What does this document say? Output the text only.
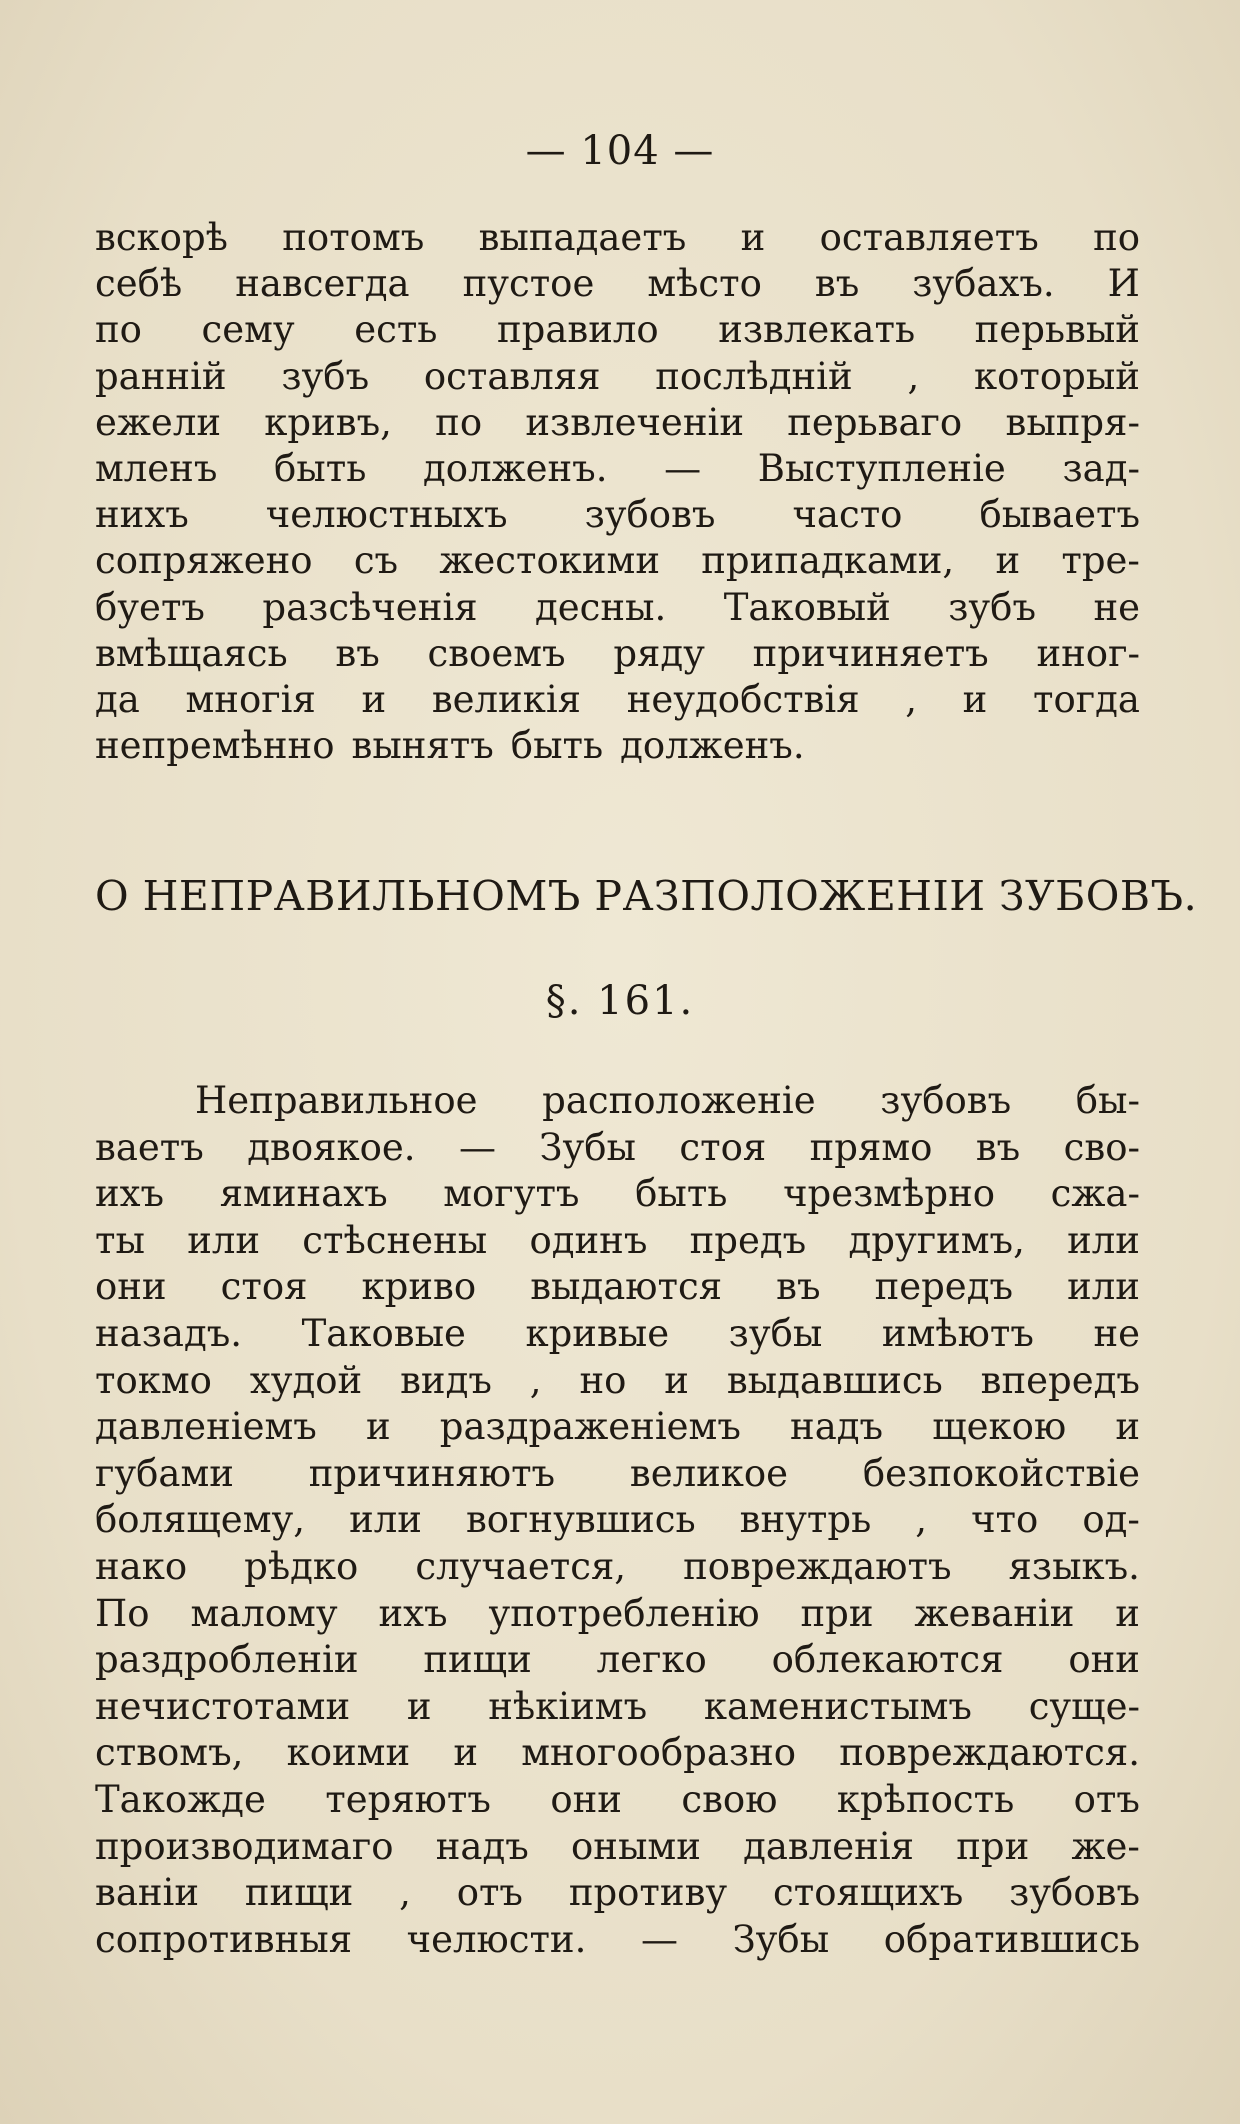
— 104 —
вскорѣ потомъ выпадаетъ и оставляетъ по
себѣ навсегда пустое мѣсто въ зубахъ. И
по сему есть правило извлекать перьвый
ранній зубъ оставляя послѣдній , который
ежели кривъ, по извлеченіи перьваго выпря-
мленъ быть долженъ. — Выступленіе зад-
нихъ челюстныхъ зубовъ часто бываетъ
сопряжено съ жестокими припадками, и тре-
буетъ разсѣченія десны. Таковый зубъ не
вмѣщаясь въ своемъ ряду причиняетъ иног-
да многія и великія неудобствія , и тогда
непремѣнно вынятъ быть долженъ.
О НЕПРАВИЛЬНОМЪ РАЗПОЛОЖЕНІИ ЗУБОВЪ.
§. 161.
Неправильное расположеніе зубовъ бы-
ваетъ двоякое. — Зубы стоя прямо въ сво-
ихъ яминахъ могутъ быть чрезмѣрно сжа-
ты или стѣснены одинъ предъ другимъ, или
они стоя криво выдаются въ передъ или
назадъ. Таковые кривые зубы имѣютъ не
токмо худой видъ , но и выдавшись впередъ
давленіемъ и раздраженіемъ надъ щекою и
губами причиняютъ великое безпокойствіе
болящему, или вогнувшись внутрь , что од-
нако рѣдко случается, повреждаютъ языкъ.
По малому ихъ употребленію при жеваніи и
раздробленіи пищи легко облекаются они
нечистотами и нѣкіимъ каменистымъ суще-
ствомъ, коими и многообразно повреждаются.
Такожде теряютъ они свою крѣпость отъ
производимаго надъ оными давленія при же-
ваніи пищи , отъ противу стоящихъ зубовъ
сопротивныя челюсти. — Зубы обратившись
